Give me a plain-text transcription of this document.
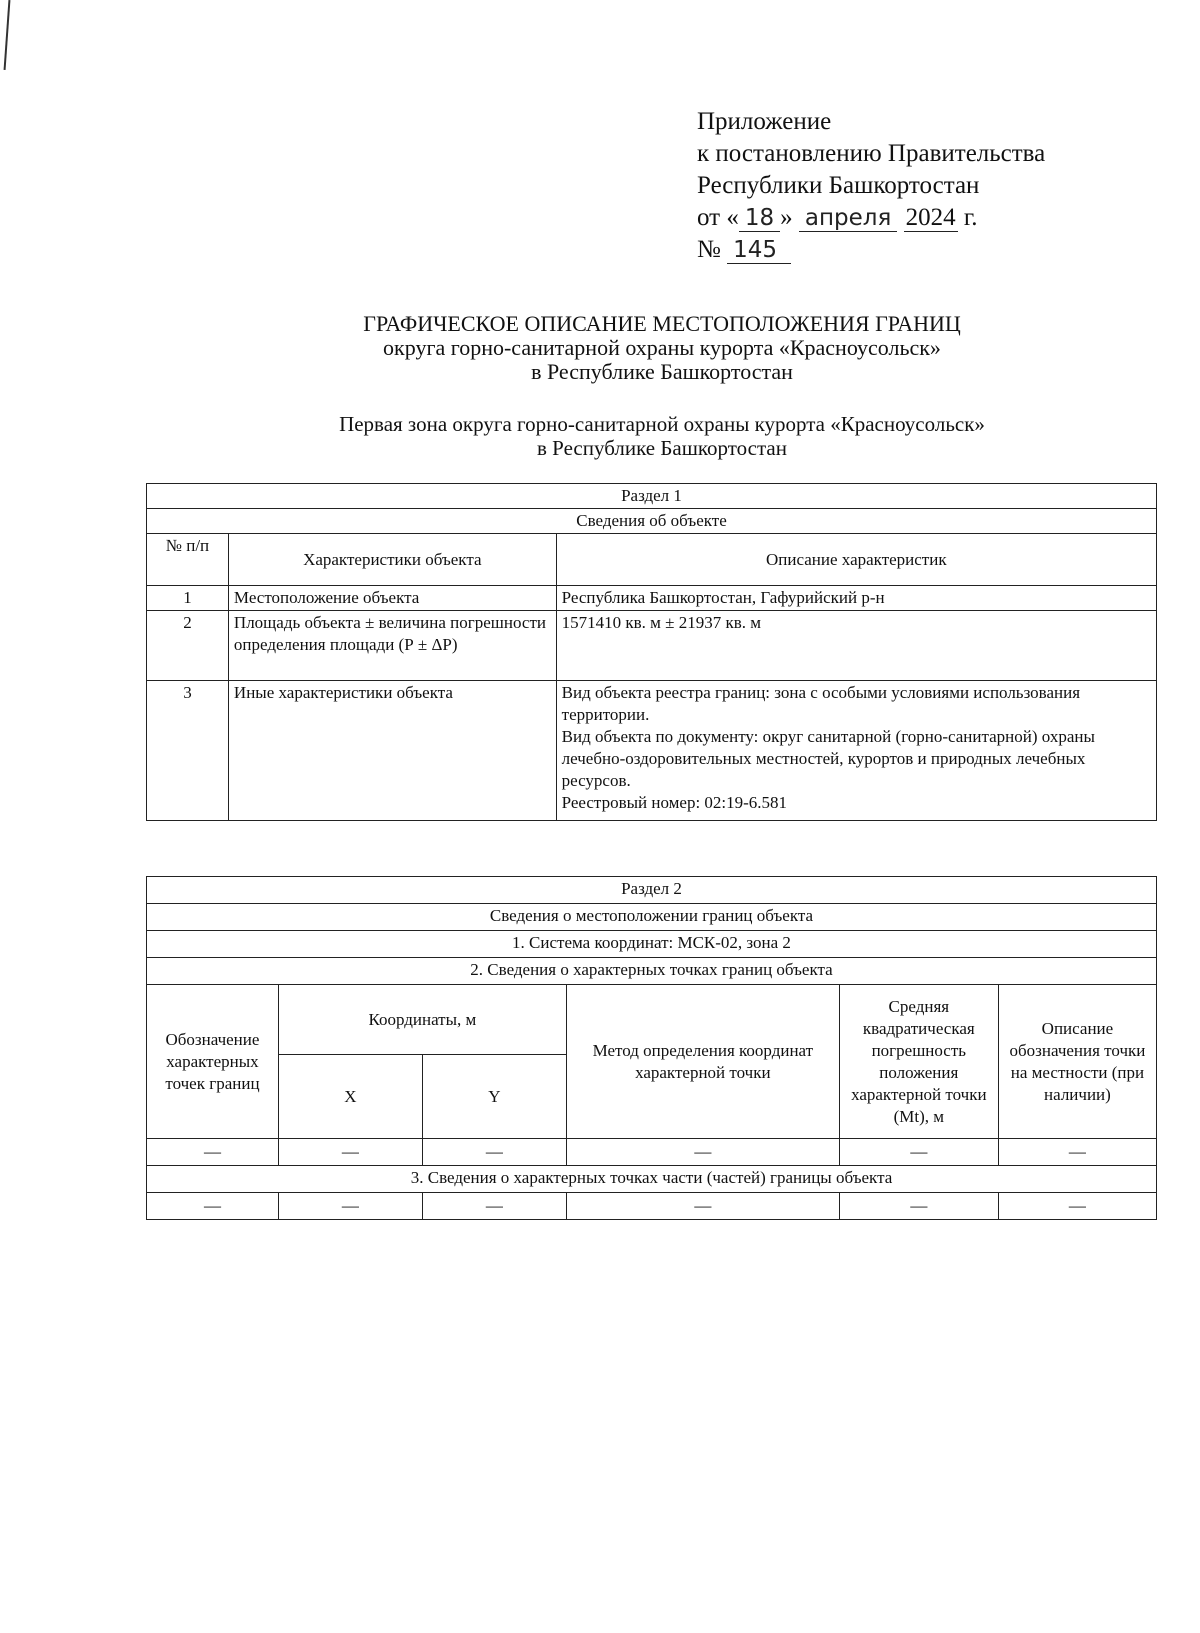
Приложение
к постановлению Правительства
Республики Башкортостан
от « 18 » апреля 2024 г.
№ 145
ГРАФИЧЕСКОЕ ОПИСАНИЕ МЕСТОПОЛОЖЕНИЯ ГРАНИЦ
округа горно-санитарной охраны курорта «Красноусольск»
в Республике Башкортостан
Первая зона округа горно-санитарной охраны курорта «Красноусольск»
в Республике Башкортостан
Раздел 1		
Сведения об объекте		
№ п/п	Характеристики объекта	Описание характеристик
1	Местоположение объекта	Республика Башкортостан, Гафурийский р-н
2	Площадь объекта ± величина погрешности определения площади (Р ± ΔР)	1571410 кв. м ± 21937 кв. м
3	Иные характеристики объекта	Вид объекта реестра границ: зона с особыми условиями использования территории.
Вид объекта по документу: округ санитарной (горно-санитарной) охраны лечебно-оздоровительных местностей, курортов и природных лечебных ресурсов.
Реестровый номер: 02:19-6.581
Раздел 2					
Сведения о местоположении границ объекта					
1. Система координат: МСК-02, зона 2					
2. Сведения о характерных точках границ объекта					
Обозначение характерных точек границ	Координаты, м		Метод определения координат характерной точки	Средняя квадратическая погрешность положения характерной точки (Mt), м	Описание обозначения точки на местности (при наличии)
	X	Y			
—	—	—	—	—	—
3. Сведения о характерных точках части (частей) границы объекта					
—	—	—	—	—	—
